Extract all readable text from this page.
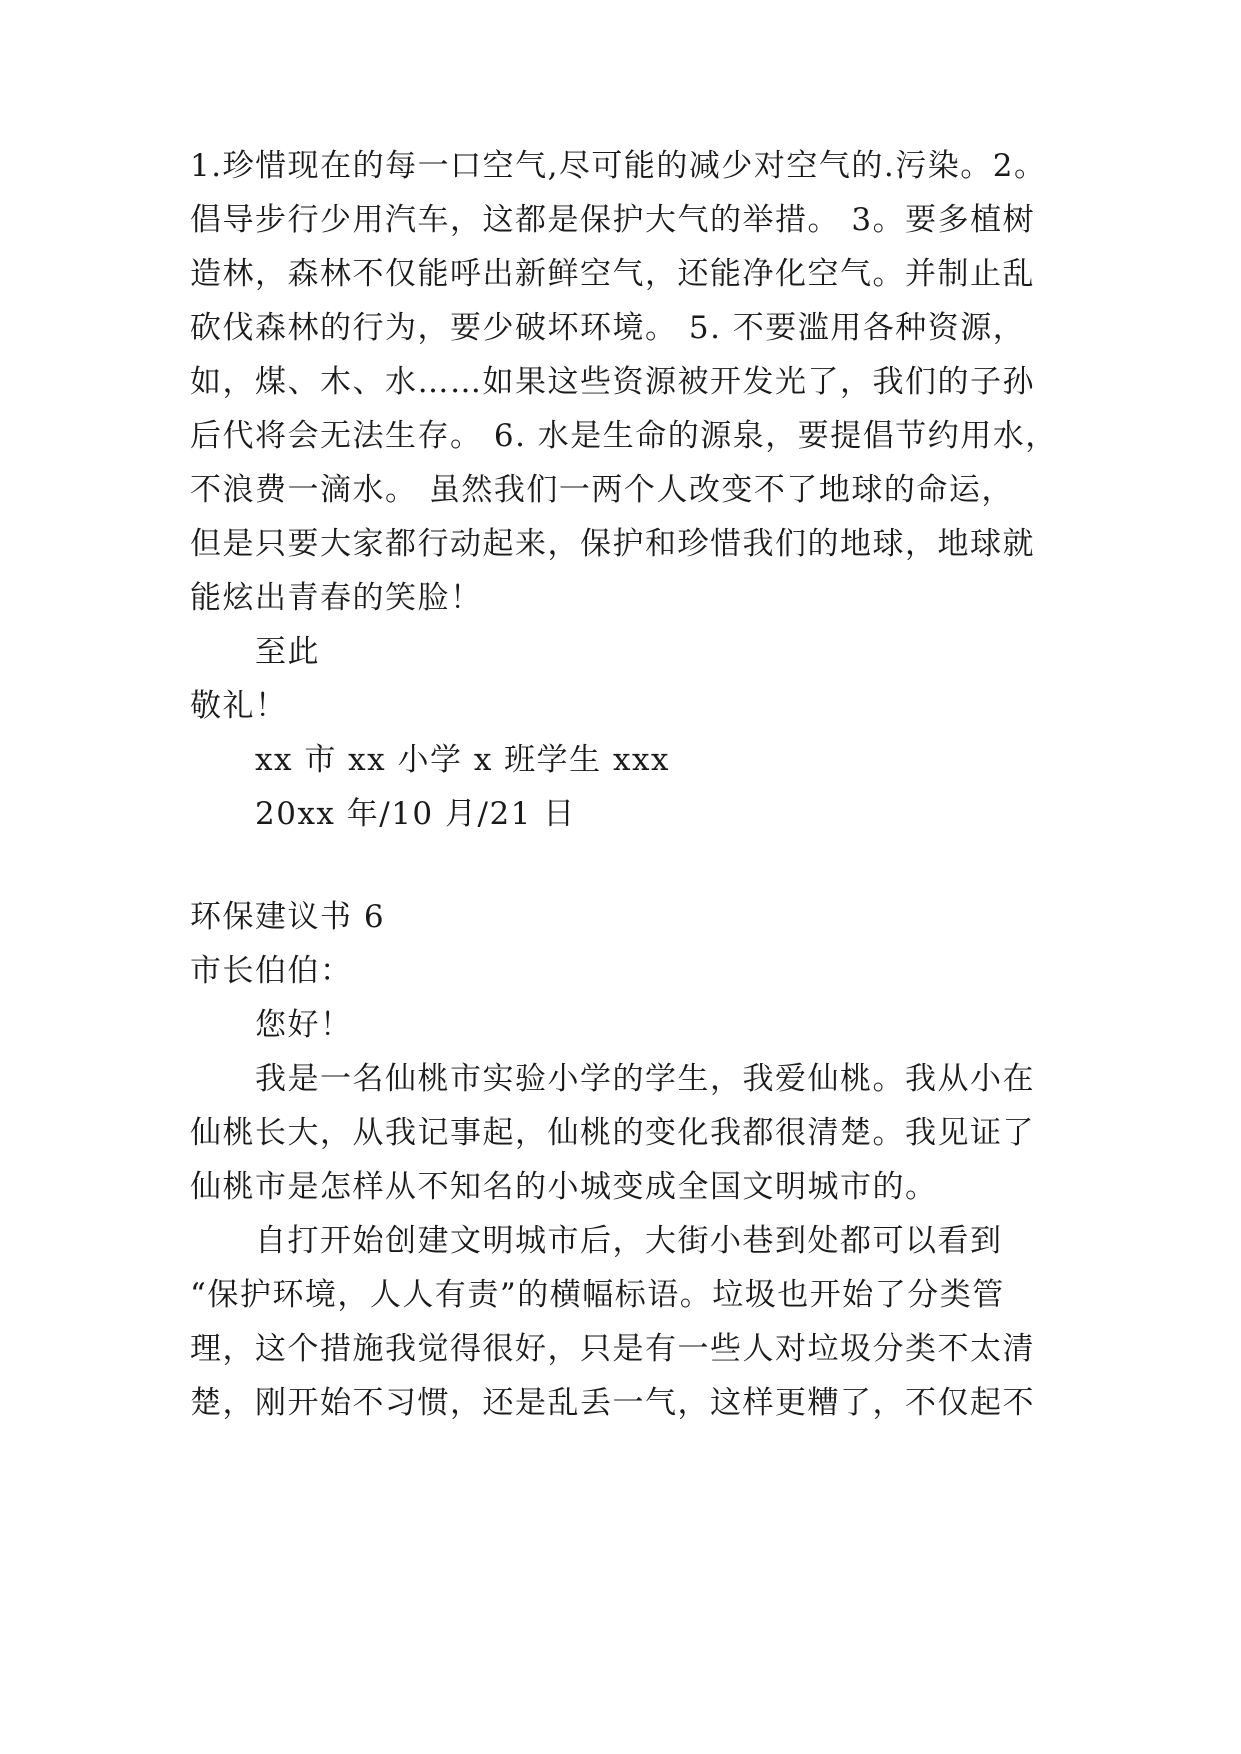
1.珍惜现在的每一口空气,尽可能的减少对空气的.污染。2。
倡导步行少用汽车，这都是保护大气的举措。 3。要多植树
造林，森林不仅能呼出新鲜空气，还能净化空气。并制止乱
砍伐森林的行为，要少破坏环境。 5. 不要滥用各种资源，
如，煤、木、水……如果这些资源被开发光了，我们的子孙
后代将会无法生存。 6. 水是生命的源泉，要提倡节约用水，
不浪费一滴水。 虽然我们一两个人改变不了地球的命运，
但是只要大家都行动起来，保护和珍惜我们的地球，地球就
能炫出青春的笑脸！
至此
敬礼！
xx 市 xx 小学 x 班学生 xxx
20xx 年/10 月/21 日
环保建议书 6
市长伯伯：
您好！
我是一名仙桃市实验小学的学生，我爱仙桃。我从小在
仙桃长大，从我记事起，仙桃的变化我都很清楚。我见证了
仙桃市是怎样从不知名的小城变成全国文明城市的。
自打开始创建文明城市后，大街小巷到处都可以看到
“保护环境，人人有责”的横幅标语。垃圾也开始了分类管
理，这个措施我觉得很好，只是有一些人对垃圾分类不太清
楚，刚开始不习惯，还是乱丢一气，这样更糟了，不仅起不
